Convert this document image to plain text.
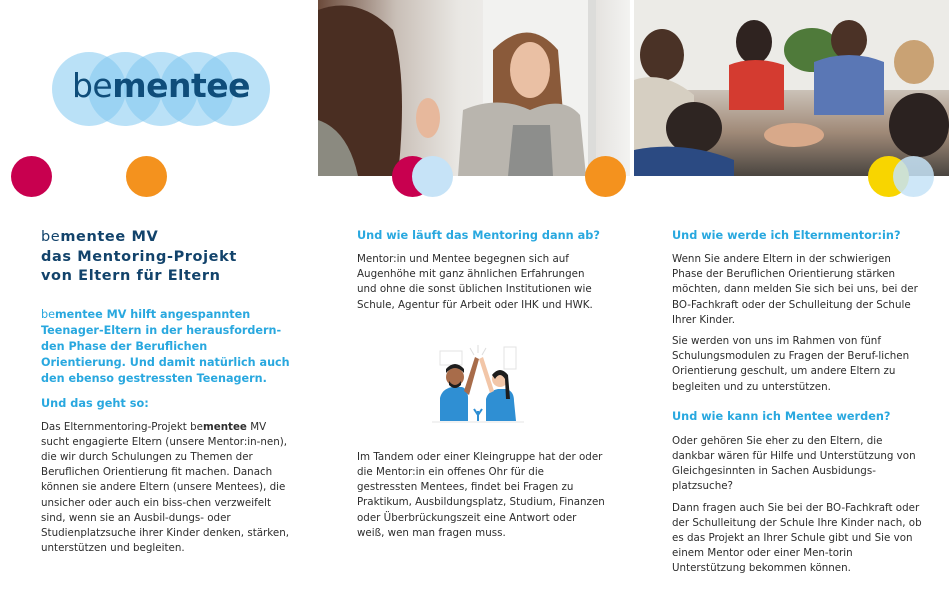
bementee
bementee MV
das Mentoring-Projekt
von Eltern für Eltern

bementee MV hilft angespannten Teenager-Eltern in der herausfordern-den Phase der Beruflichen Orientierung. Und damit natürlich auch den ebenso gestressten Teenagern.

Und das geht so:

Das Elternmentoring-Projekt bementee MV sucht engagierte Eltern (unsere Mentor:in-nen), die wir durch Schulungen zu Themen der Beruflichen Orientierung fit machen. Danach können sie andere Eltern (unsere Mentees), die unsicher oder auch ein biss-chen verzweifelt sind, wenn sie an Ausbil-dungs- oder Studienplatzsuche ihrer Kinder denken, stärken, unterstützen und begleiten.

Und wie läuft das Mentoring dann ab?

Mentor:in und Mentee begegnen sich auf Augenhöhe mit ganz ähnlichen Erfahrungen und ohne die sonst üblichen Institutionen wie Schule, Agentur für Arbeit oder IHK und HWK.

Im Tandem oder einer Kleingruppe hat der oder die Mentor:in ein offenes Ohr für die gestressten Mentees, findet bei Fragen zu Praktikum, Ausbildungsplatz, Studium, Finanzen oder Überbrückungszeit eine Antwort oder weiß, wen man fragen muss.

Und wie werde ich Elternmentor:in?

Wenn Sie andere Eltern in der schwierigen Phase der Beruflichen Orientierung stärken möchten, dann melden Sie sich bei uns, bei der BO-Fachkraft oder der Schulleitung der Schule Ihrer Kinder.

Sie werden von uns im Rahmen von fünf Schulungsmodulen zu Fragen der Beruf-lichen Orientierung geschult, um andere Eltern zu begleiten und zu unterstützen.

Und wie kann ich Mentee werden?

Oder gehören Sie eher zu den Eltern, die dankbar wären für Hilfe und Unterstützung von Gleichgesinnten in Sachen Ausbidungs-platzsuche?

Dann fragen auch Sie bei der BO-Fachkraft oder der Schulleitung der Schule Ihre Kinder nach, ob es das Projekt an Ihrer Schule gibt und Sie von einem Mentor oder einer Men-torin Unterstützung bekommen können.
